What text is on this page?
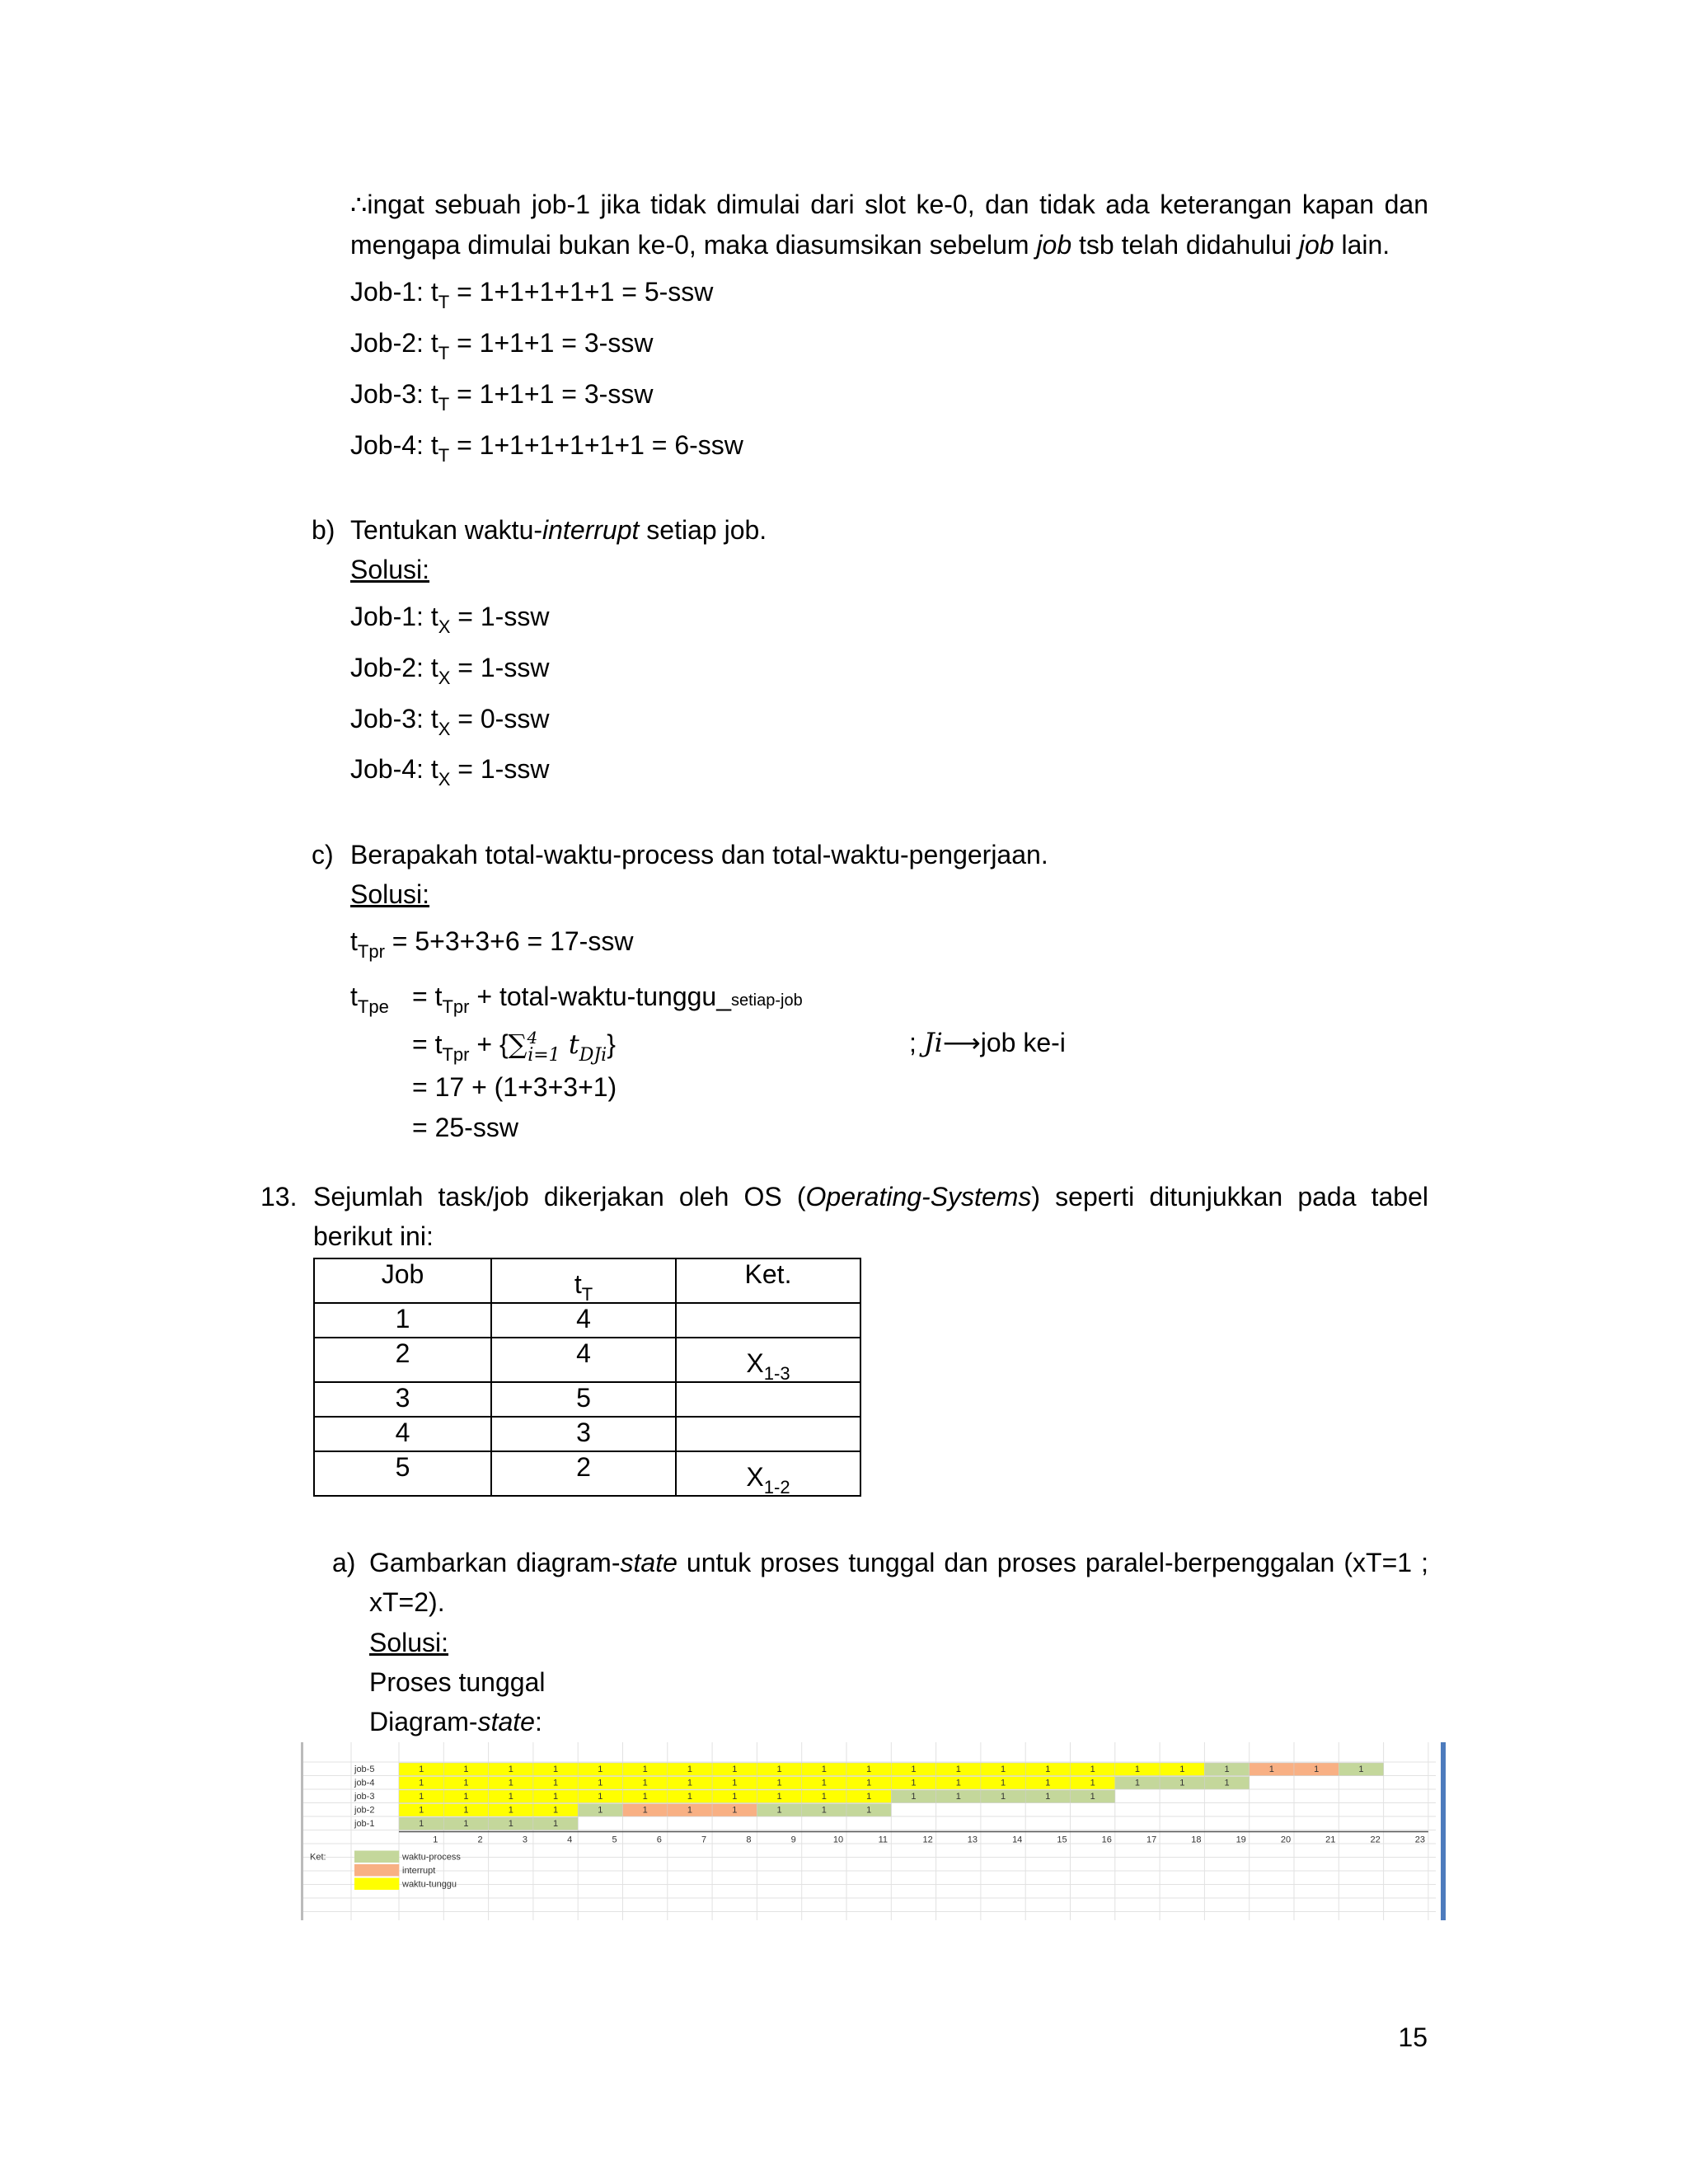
∴ingat sebuah job-1 jika tidak dimulai dari slot ke-0, dan tidak ada keterangan kapan dan
mengapa dimulai bukan ke-0, maka diasumsikan sebelum job tsb telah didahului job lain.
Job-1: $t_T = 1+1+1+1+1 = 5-ssw$
Job-2: $t_T = 1+1+1 = 3-ssw$
Job-3: $t_T = 1+1+1 = 3-ssw$
Job-4: $t_T = 1+1+1+1+1+1 = 6-ssw$
b) Tentukan waktu-interrupt setiap job.
Solusi:
Job-1: $t_X = 1-ssw$
Job-2: $t_X = 1-ssw$
Job-3: $t_X = 0-ssw$
Job-4: $t_X = 1-ssw$
c) Berapakah total-waktu-process dan total-waktu-pengerjaan.
Solusi:
$t_{Tpr} = 5+3+3+6 = 17-ssw$
$t_{Tpe} = t_{Tpr}$ + total-waktu-tunggu_setiap-job
= $t_{Tpr} + \{\sum^4_{i=1}$ $t_{DJi}$}	; Ji⟶job ke-i
= 17 + (1+3+3+1)
= 25-ssw
13. Sejumlah task/job dikerjakan oleh OS (Operating-Systems) seperti ditunjukkan pada tabel
berikut ini:
Job	$t_T$	Ket.
1	4	
2	4	$X_{1-3}$
3	5	
4	3	
5	2	$X_{1-2}$
a) Gambarkan diagram-state untuk proses tunggal dan proses paralel-berpenggalan (xT=1 ;
xT=2).
Solusi:
Proses tunggal
Diagram-state:
job-5	1	1	1	1	1	1	1	1	1	1	1	1	1	1	1	1	1	1	1	1	1	1
job-4	1	1	1	1	1	1	1	1	1	1	1	1	1	1	1	1	1	1	1
job-3	1	1	1	1	1	1	1	1	1	1	1	1	1	1	1	1
job-2	1	1	1	1	1	1	1	1	1	1	1
job-1	1	1	1	1
1	2	3	4	5	6	7	8	9	10	11	12	13	14	15	16	17	18	19	20	21	22	23
Ket:	waktu-process
interrupt
waktu-tunggu
15
